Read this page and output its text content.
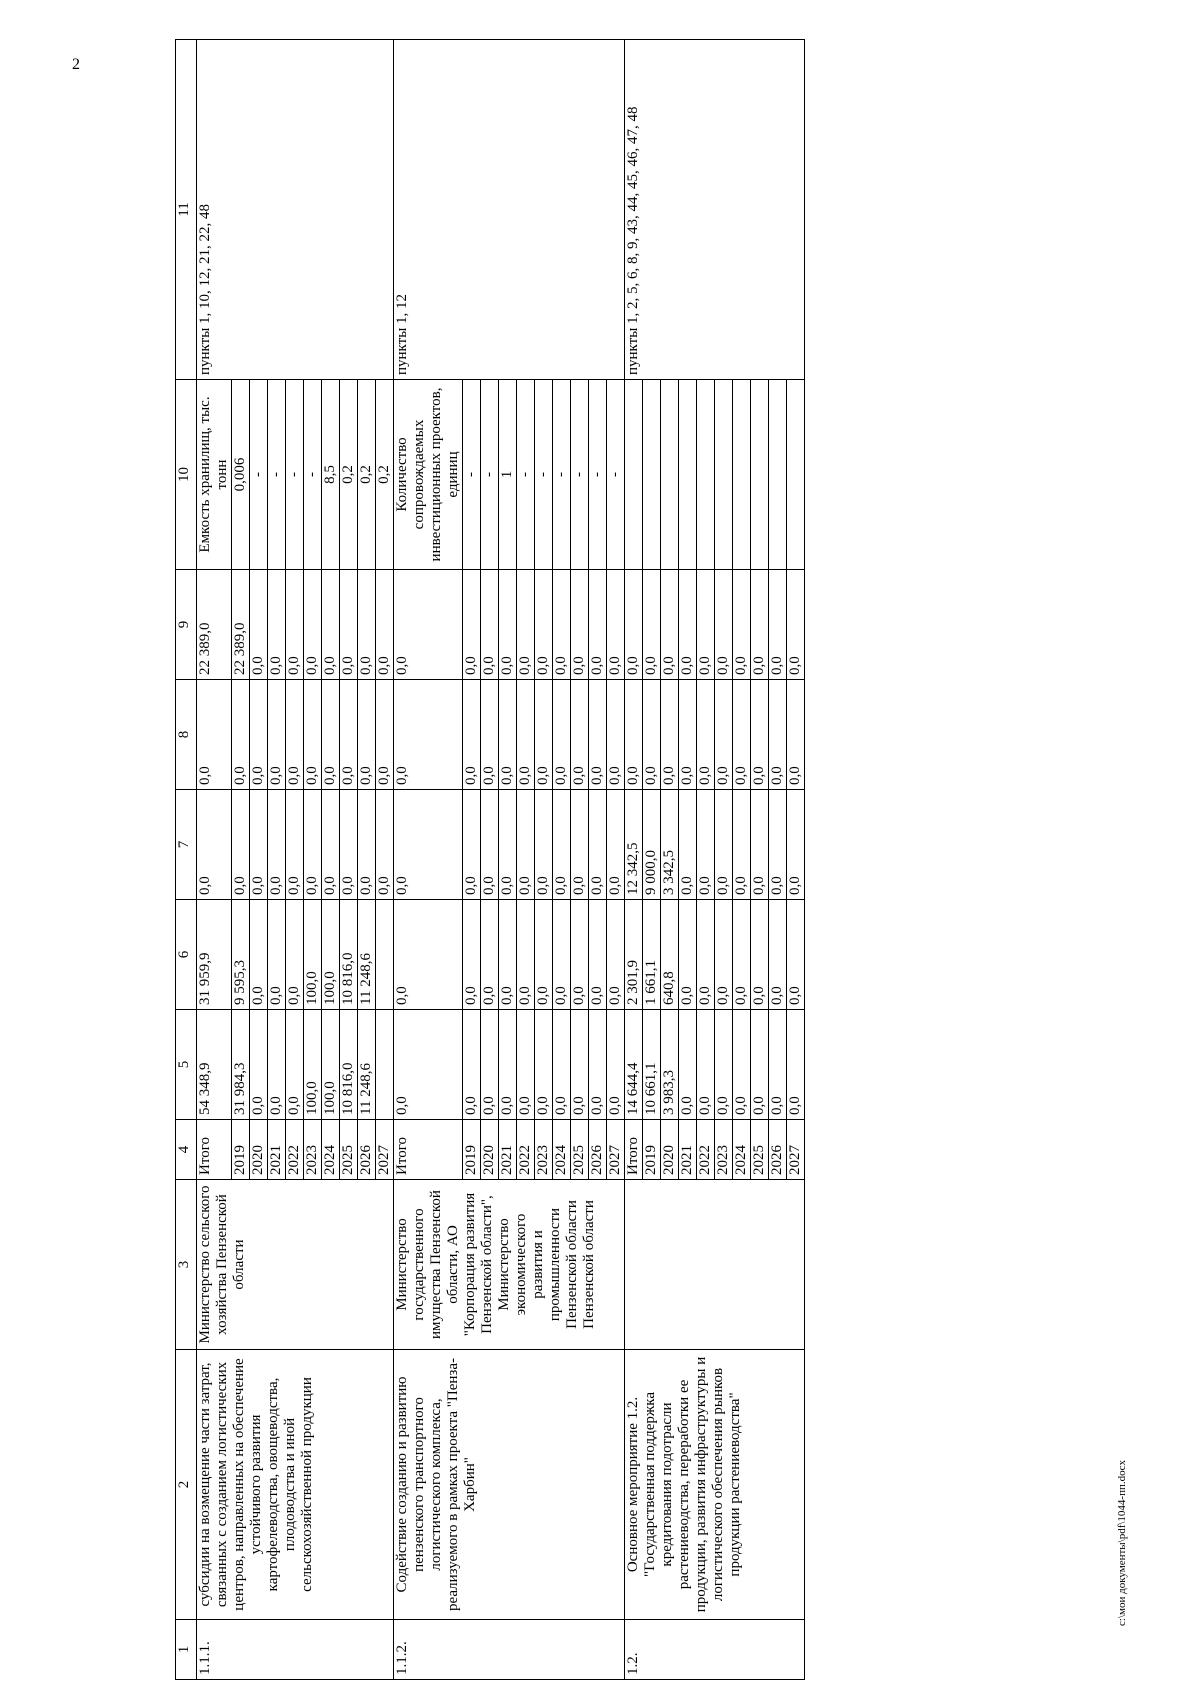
2
1	2	3	4	5	6	7	8	9	10	11
1.1.1.	субсидии на возмещение части затрат, связанных с созданием логистических центров, направленных на обеспечение устойчивого развития картофелеводства, овощеводства, плодоводства и иной сельскохозяйственной продукции	Министерство сельского хозяйства Пензенской области	Итого	54 348,9	31 959,9	0,0	0,0	22 389,0	Емкость хранилищ, тыс. тонн	пункты 1, 10, 12, 21, 22, 48
			2019	31 984,3	9 595,3	0,0	0,0	22 389,0	0,006	
			2020	0,0	0,0	0,0	0,0	0,0	-	
			2021	0,0	0,0	0,0	0,0	0,0	-	
			2022	0,0	0,0	0,0	0,0	0,0	-	
			2023	100,0	100,0	0,0	0,0	0,0	-	
			2024	100,0	100,0	0,0	0,0	0,0	8,5	
			2025	10 816,0	10 816,0	0,0	0,0	0,0	0,2	
			2026	11 248,6	11 248,6	0,0	0,0	0,0	0,2	
			2027			0,0	0,0	0,0	0,2	
1.1.2.	Содействие созданию и развитию пензенского транспортного логистического комплекса, реализуемого в рамках проекта "Пенза-Харбин"	Министерство государственного имущества Пензенской области, АО "Корпорация развития Пензенской области", Министерство экономического развития и промышленности Пензенской области Пензенской области	Итого	0,0	0,0	0,0	0,0	0,0	Количество сопровождаемых инвестиционных проектов, единиц	пункты 1, 12
			2019	0,0	0,0	0,0	0,0	0,0	-	
			2020	0,0	0,0	0,0	0,0	0,0	-	
			2021	0,0	0,0	0,0	0,0	0,0	1	
			2022	0,0	0,0	0,0	0,0	0,0	-	
			2023	0,0	0,0	0,0	0,0	0,0	-	
			2024	0,0	0,0	0,0	0,0	0,0	-	
			2025	0,0	0,0	0,0	0,0	0,0	-	
			2026	0,0	0,0	0,0	0,0	0,0	-	
			2027	0,0	0,0	0,0	0,0	0,0	-	
1.2.	Основное мероприятие 1.2. "Государственная поддержка кредитования подотрасли растениеводства, переработки ее продукции, развития инфраструктуры и логистического обеспечения рынков продукции растениеводства"		Итого	14 644,4	2 301,9	12 342,5	0,0	0,0		пункты 1, 2, 5, 6, 8, 9, 43, 44, 45, 46, 47, 48
			2019	10 661,1	1 661,1	9 000,0	0,0	0,0		
			2020	3 983,3	640,8	3 342,5	0,0	0,0		
			2021	0,0	0,0	0,0	0,0	0,0		
			2022	0,0	0,0	0,0	0,0	0,0		
			2023	0,0	0,0	0,0	0,0	0,0		
			2024	0,0	0,0	0,0	0,0	0,0		
			2025	0,0	0,0	0,0	0,0	0,0		
			2026	0,0	0,0	0,0	0,0	0,0		
			2027	0,0	0,0	0,0	0,0	0,0		
c:\мои документы\pdf\1044-пп.docx
